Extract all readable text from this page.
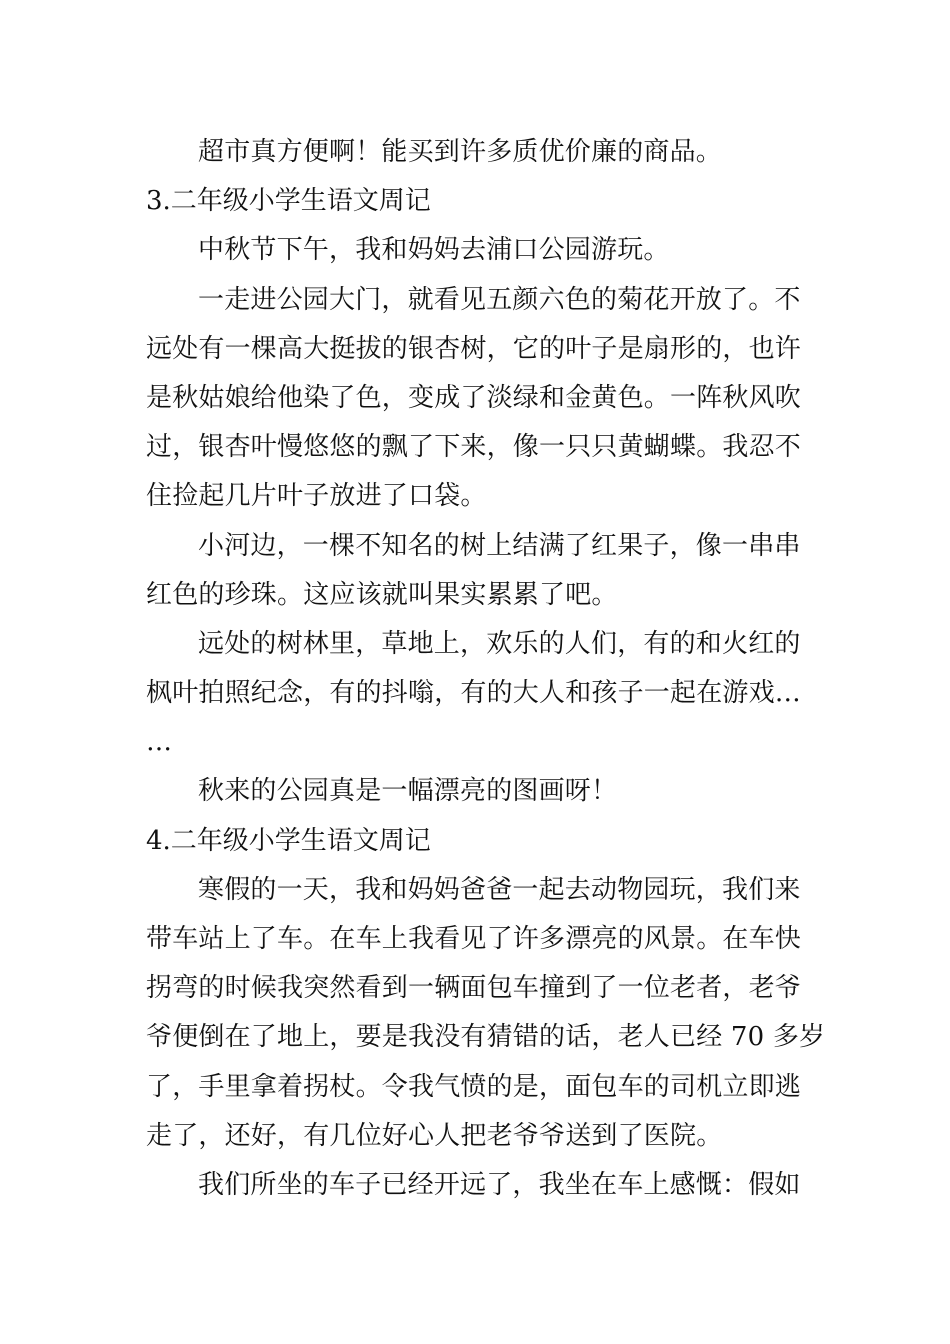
超市真方便啊！能买到许多质优价廉的商品。
3.二年级小学生语文周记
中秋节下午，我和妈妈去浦口公园游玩。
一走进公园大门，就看见五颜六色的菊花开放了。不
远处有一棵高大挺拔的银杏树，它的叶子是扇形的，也许
是秋姑娘给他染了色，变成了淡绿和金黄色。一阵秋风吹
过，银杏叶慢悠悠的飘了下来，像一只只黄蝴蝶。我忍不
住捡起几片叶子放进了口袋。
小河边，一棵不知名的树上结满了红果子，像一串串
红色的珍珠。这应该就叫果实累累了吧。
远处的树林里，草地上，欢乐的人们，有的和火红的
枫叶拍照纪念，有的抖嗡，有的大人和孩子一起在游戏…
…
秋来的公园真是一幅漂亮的图画呀！
4.二年级小学生语文周记
寒假的一天，我和妈妈爸爸一起去动物园玩，我们来
带车站上了车。在车上我看见了许多漂亮的风景。在车快
拐弯的时候我突然看到一辆面包车撞到了一位老者，老爷
爷便倒在了地上，要是我没有猜错的话，老人已经 70 多岁
了，手里拿着拐杖。令我气愤的是，面包车的司机立即逃
走了，还好，有几位好心人把老爷爷送到了医院。
我们所坐的车子已经开远了，我坐在车上感慨：假如
